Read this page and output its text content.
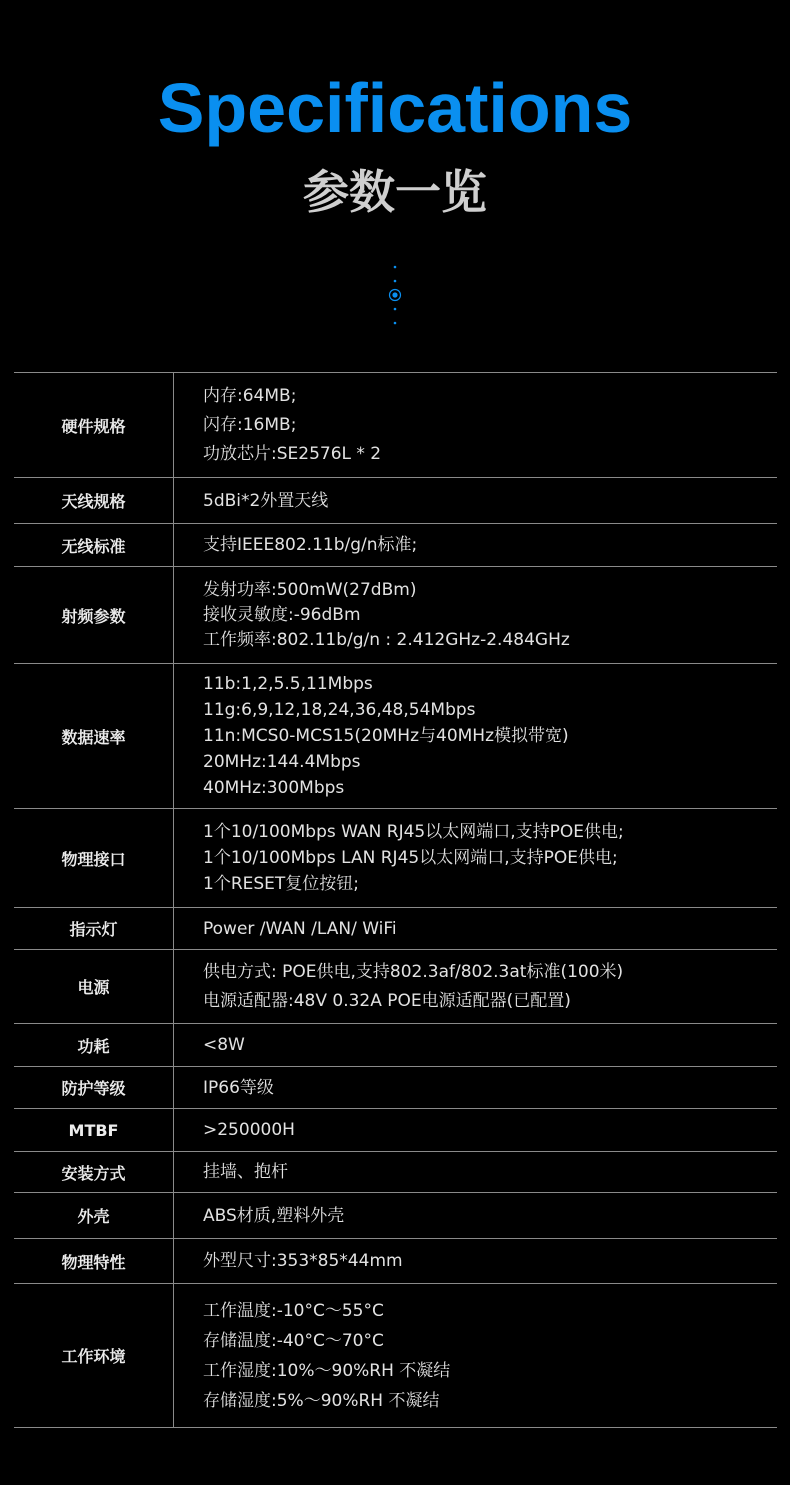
Specifications
参数一览
硬件规格	内存:64MB;
闪存:16MB;
功放芯片:SE2576L * 2

天线规格	5dBi*2外置天线

无线标准	支持IEEE802.11b/g/n标准;

射频参数	发射功率:500mW(27dBm)
接收灵敏度:-96dBm
工作频率:802.11b/g/n : 2.412GHz-2.484GHz

数据速率	11b:1,2,5.5,11Mbps
11g:6,9,12,18,24,36,48,54Mbps
11n:MCS0-MCS15(20MHz与40MHz模拟带宽)
20MHz:144.4Mbps
40MHz:300Mbps

物理接口	1个10/100Mbps WAN RJ45以太网端口,支持POE供电;
1个10/100Mbps LAN RJ45以太网端口,支持POE供电;
1个RESET复位按钮;

指示灯	Power /WAN /LAN/ WiFi

电源	供电方式: POE供电,支持802.3af/802.3at标准(100米)
电源适配器:48V 0.32A POE电源适配器(已配置)

功耗	<8W

防护等级	IP66等级

MTBF	>250000H

安装方式	挂墙、抱杆

外壳	ABS材质,塑料外壳

物理特性	外型尺寸:353*85*44mm

工作环境	工作温度:-10°C～55°C
存储温度:-40°C～70°C
工作湿度:10%～90%RH 不凝结
存储湿度:5%～90%RH 不凝结
